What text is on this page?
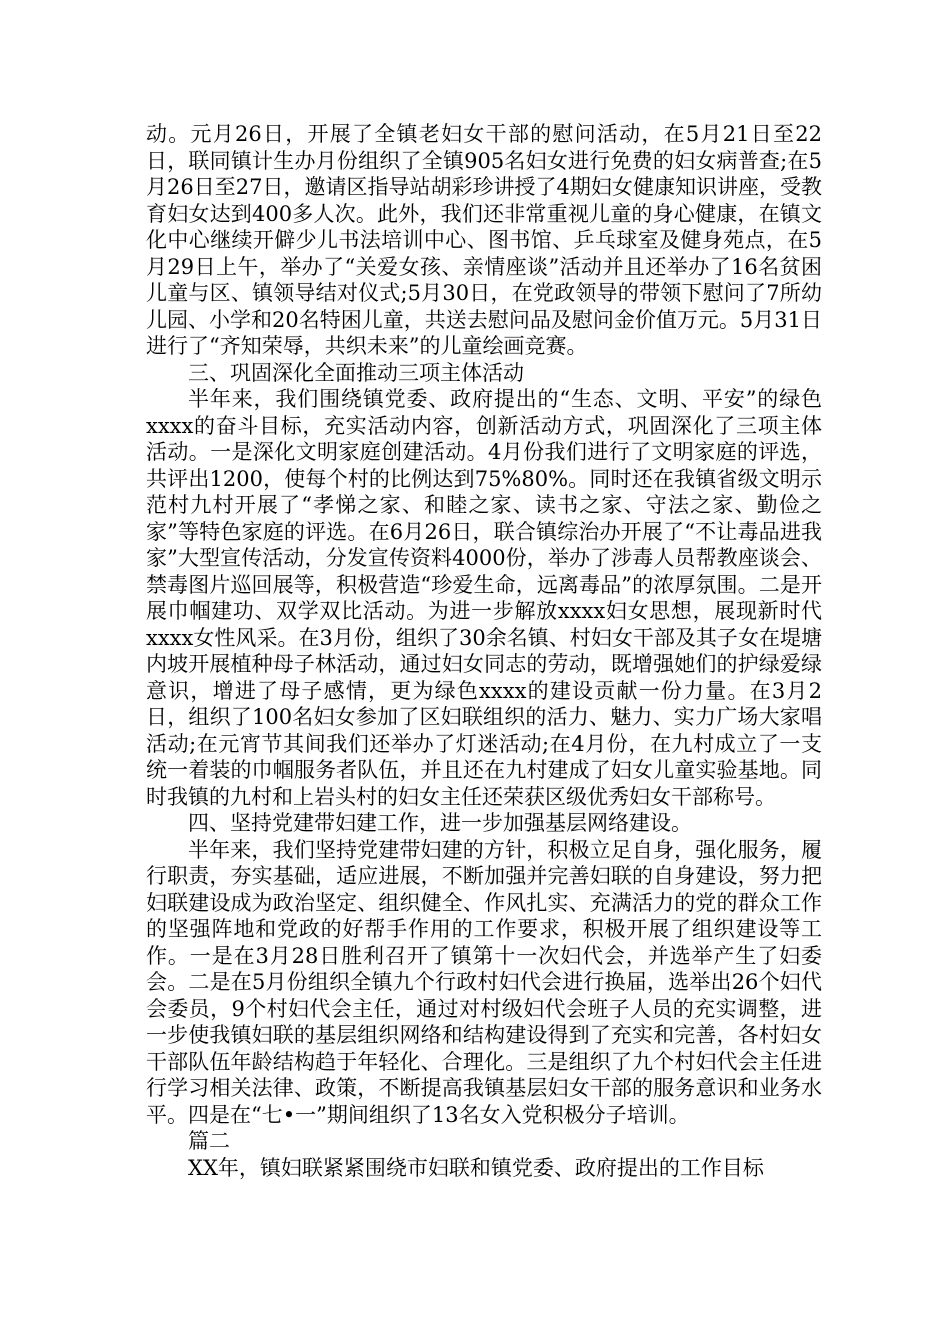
动。元月26日，开展了全镇老妇女干部的慰问活动，在5月21日至22日，联同镇计生办月份组织了全镇905名妇女进行免费的妇女病普查;在5月26日至27日，邀请区指导站胡彩珍讲授了4期妇女健康知识讲座，受教育妇女达到400多人次。此外，我们还非常重视儿童的身心健康，在镇文化中心继续开僻少儿书法培训中心、图书馆、乒乓球室及健身苑点，在5月29日上午，举办了“关爱女孩、亲情座谈”活动并且还举办了16名贫困儿童与区、镇领导结对仪式;5月30日，在党政领导的带领下慰问了7所幼儿园、小学和20名特困儿童，共送去慰问品及慰问金价值万元。5月31日进行了“齐知荣辱，共织未来”的儿童绘画竞赛。

三、巩固深化全面推动三项主体活动

半年来，我们围绕镇党委、政府提出的“生态、文明、平安”的绿色xxxx的奋斗目标，充实活动内容，创新活动方式，巩固深化了三项主体活动。一是深化文明家庭创建活动。4月份我们进行了文明家庭的评选，共评出1200，使每个村的比例达到75%80%。同时还在我镇省级文明示范村九村开展了“孝悌之家、和睦之家、读书之家、守法之家、勤俭之家”等特色家庭的评选。在6月26日，联合镇综治办开展了“不让毒品进我家”大型宣传活动，分发宣传资料4000份，举办了涉毒人员帮教座谈会、禁毒图片巡回展等，积极营造“珍爱生命，远离毒品”的浓厚氛围。二是开展巾帼建功、双学双比活动。为进一步解放xxxx妇女思想，展现新时代xxxx女性风采。在3月份，组织了30余名镇、村妇女干部及其子女在堤塘内坡开展植种母子林活动，通过妇女同志的劳动，既增强她们的护绿爱绿意识，增进了母子感情，更为绿色xxxx的建设贡献一份力量。在3月2日，组织了100名妇女参加了区妇联组织的活力、魅力、实力广场大家唱活动;在元宵节其间我们还举办了灯迷活动;在4月份，在九村成立了一支统一着装的巾帼服务者队伍，并且还在九村建成了妇女儿童实验基地。同时我镇的九村和上岩头村的妇女主任还荣获区级优秀妇女干部称号。

四、坚持党建带妇建工作，进一步加强基层网络建设。

半年来，我们坚持党建带妇建的方针，积极立足自身，强化服务，履行职责，夯实基础，适应进展，不断加强并完善妇联的自身建设，努力把妇联建设成为政治坚定、组织健全、作风扎实、充满活力的党的群众工作的坚强阵地和党政的好帮手作用的工作要求，积极开展了组织建设等工作。一是在3月28日胜利召开了镇第十一次妇代会，并选举产生了妇委会。二是在5月份组织全镇九个行政村妇代会进行换届，选举出26个妇代会委员，9个村妇代会主任，通过对村级妇代会班子人员的充实调整，进一步使我镇妇联的基层组织网络和结构建设得到了充实和完善，各村妇女干部队伍年龄结构趋于年轻化、合理化。三是组织了九个村妇代会主任进行学习相关法律、政策，不断提高我镇基层妇女干部的服务意识和业务水平。四是在“七•一”期间组织了13名女入党积极分子培训。

篇二

XX年，镇妇联紧紧围绕市妇联和镇党委、政府提出的工作目标
